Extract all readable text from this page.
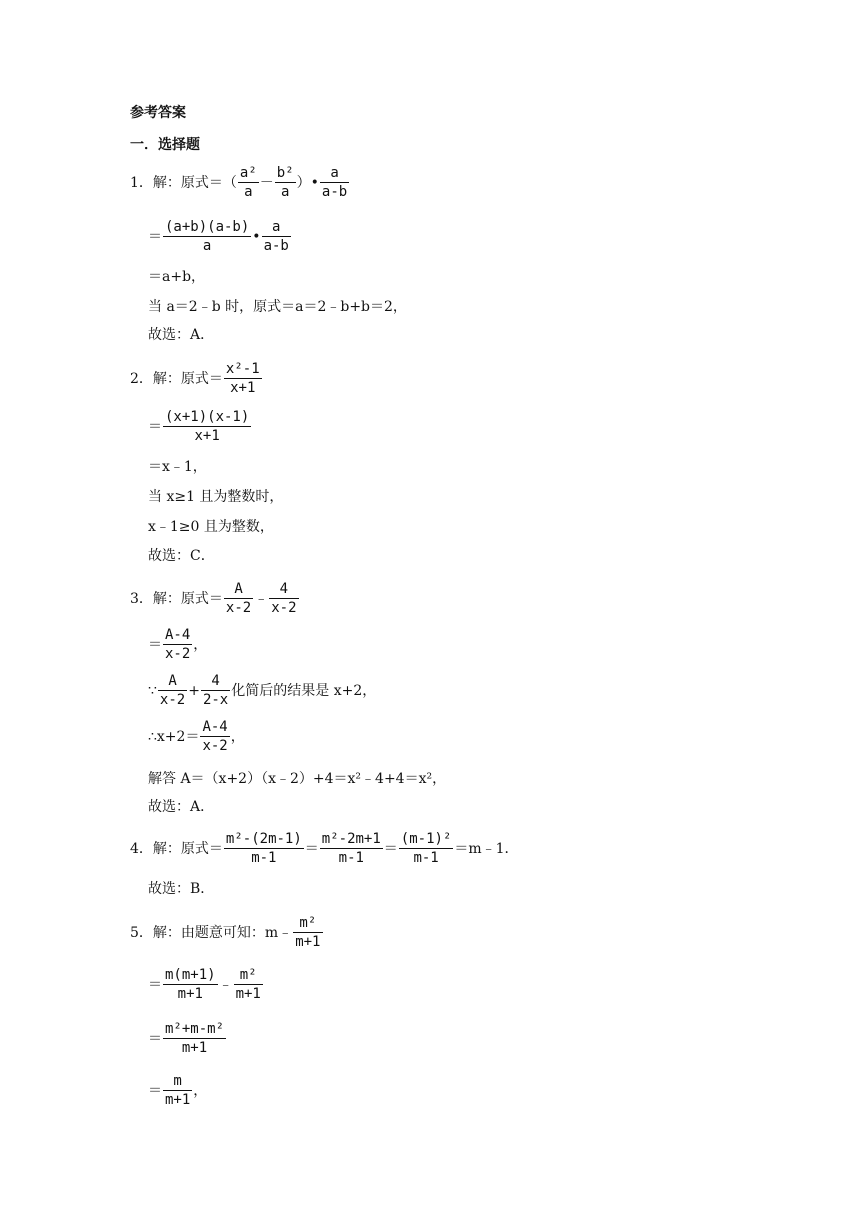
参考答案
一．选择题
1． 解：原式＝（ $\frac{\text{a²}}{a} - \frac{\text{b²}}{a}$ ）• $\frac{a}{a-b}$
＝ $\frac{(a+b)(a-b)}{a}$ • $\frac{a}{a-b}$
＝a+b，
当 a＝2﹣b 时，原式＝a＝2﹣b+b＝2，
故选：A．
2． 解：原式＝ $\frac{\text{x²-1}}{x+1}$
＝ $\frac{(x+1)(x-1)}{x+1}$
＝x﹣1，
当 x≥1 且为整数时，
x﹣1≥0 且为整数，
故选：C．
3． 解：原式＝ $\frac{A}{x-2}$ ﹣ $\frac{4}{x-2}$
＝ $\frac{A-4}{x-2}$ ，
∵ $\frac{A}{x-2} + \frac{4}{2-x}$ 化简后的结果是 x+2，
∴x+2＝ $\frac{A-4}{x-2}$ ，
解答 A＝（x+2）（x﹣2）+4＝x²﹣4+4＝x²，
故选：A．
4． 解：原式＝ $\frac{\text{m²-(2m-1)}}{m-1} = \frac{\text{m²-2m+1}}{m-1} = \frac{\text{(m-1)²}}{m-1}$ ＝m﹣1．
故选：B．
5． 解：由题意可知：m﹣ $\frac{\text{m²}}{m+1}$
＝ $\frac{m(m+1)}{m+1}$ ﹣ $\frac{\text{m²}}{m+1}$
＝ $\frac{\text{m²+m-m²}}{m+1}$
＝ $\frac{m}{m+1}$ ，
